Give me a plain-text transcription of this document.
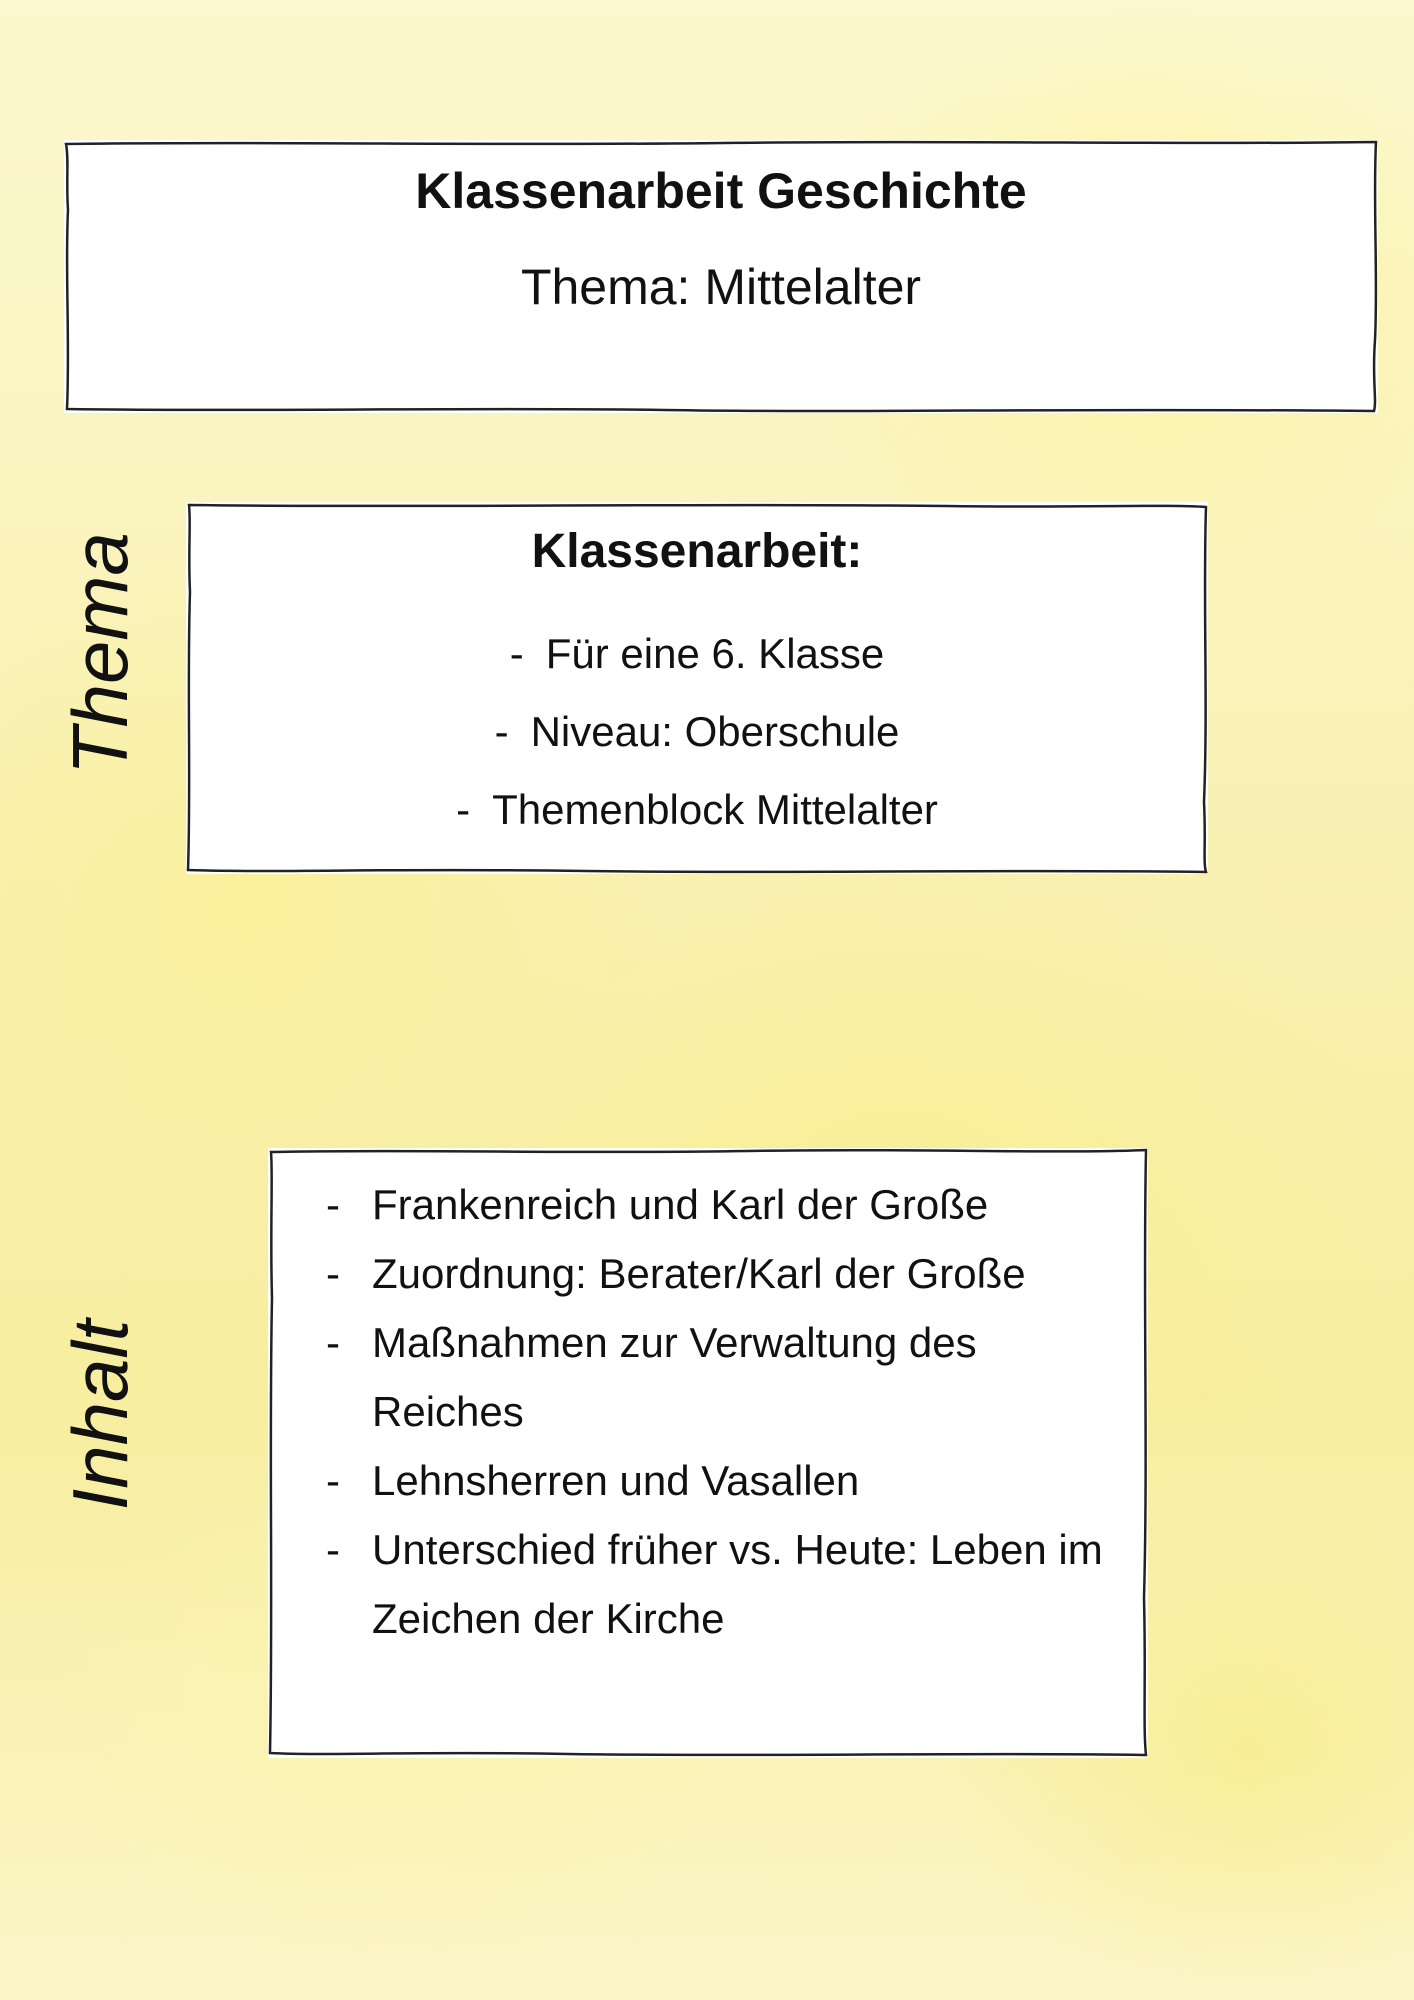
Klassenarbeit Geschichte
Thema: Mittelalter
Thema	Klassenarbeit:
- Für eine 6. Klasse
- Niveau: Oberschule
- Themenblock Mittelalter
Inhalt
- Frankenreich und Karl der Große
- Zuordnung: Berater/Karl der Große
- Maßnahmen zur Verwaltung des Reiches
- Lehnsherren und Vasallen
- Unterschied früher vs. Heute: Leben im Zeichen der Kirche
